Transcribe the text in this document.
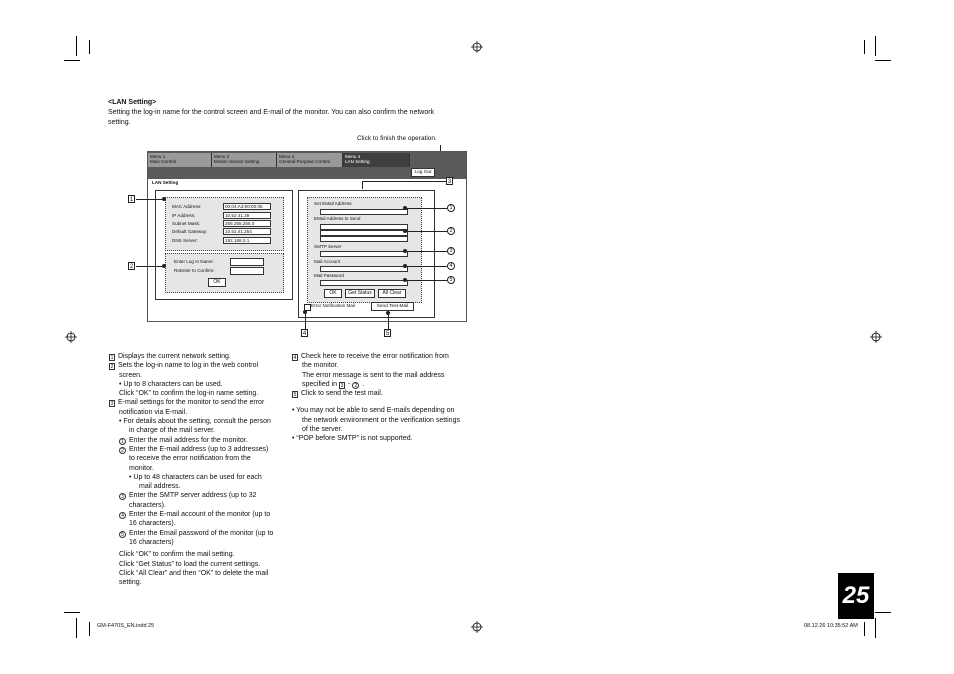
<LAN Setting>
Setting the log-in name for the control screen and E-mail of the monitor. You can also confirm the network
setting.
Click to finish the operation.
Menu 1
Main Control
Menu 2
Motion Sensor Setting
Menu 3
General-Purpose Control
Menu 4
LAN Setting
Log Out
LAN Setting
MAC Address:	00:04:A3:00:00:05
IP Address:	10.52.41.39
Subnet Mask:	255.255.255.0
Default Gateway:	10.52.41.254
DNS Server:	192.168.0.1
Enter Log In Name:
ReEnter to Confirm:
OK
Set EMail Address
EMail Address to Send
SMTP Server
Mail Account
Mail Password
OK	Get Status	All Clear
Error Notification Mail	Send Test-Mail
1
2
3
4	5
1
2
3
4
5

1 Displays the current network setting.

2 Sets the log-in name to log in the web control

screen.

• Up to 8 characters can be used.

Click “OK” to confirm the log-in name setting.

3 E-mail settings for the monitor to send the error

notification via E-mail.

• For details about the setting, consult the person

in charge of the mail server.

1 Enter the mail address for the monitor.

2 Enter the E-mail address (up to 3 addresses)

to receive the error notification from the

monitor.

• Up to 48 characters can be used for each

mail address.

3 Enter the SMTP server address (up to 32

characters).

4 Enter the E-mail account of the monitor (up to

16 characters).

5 Enter the Email password of the monitor (up to

16 characters)

Click “OK” to confirm the mail setting.

Click “Get Status” to load the current settings.

Click “All Clear” and then “OK” to delete the mail

setting.

4 Check here to receive the error notification from

the monitor.

The error message is sent to the mail address

specified in 3 - 2 .

5 Click to send the test mail.

• You may not be able to send E-mails depending on

the network environment or the verification settings

of the server.

• “POP before SMTP” is not supported.

25
GM-F470S_EN.indd 25	08.12.26 10:35:52 AM
